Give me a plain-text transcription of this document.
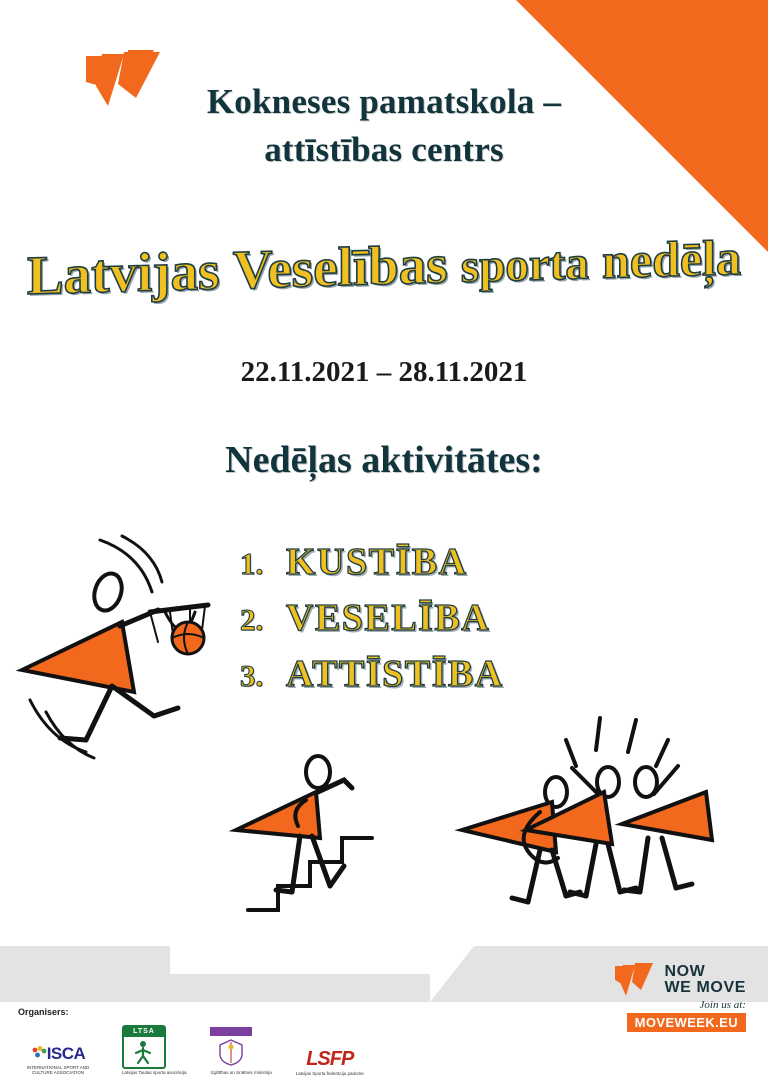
Kokneses pamatskola –
attīstības centrs
Latvijas Veselības sporta nedēļa
22.11.2021 – 28.11.2021
Nedēļas aktivitātes:
1. KUSTĪBA
2. VESELĪBA
3. ATTĪSTĪBA
NOW
WE MOVE
Join us at:
MOVEWEEK.EU
Organisers:
ISCA
INTERNATIONAL SPORT AND CULTURE ASSOCIATION
LTSA
Latvijas Tautas sporta asociācija	Izglītības un zinātnes ministrija
LSFP
Latvijas Sporta federāciju padome
